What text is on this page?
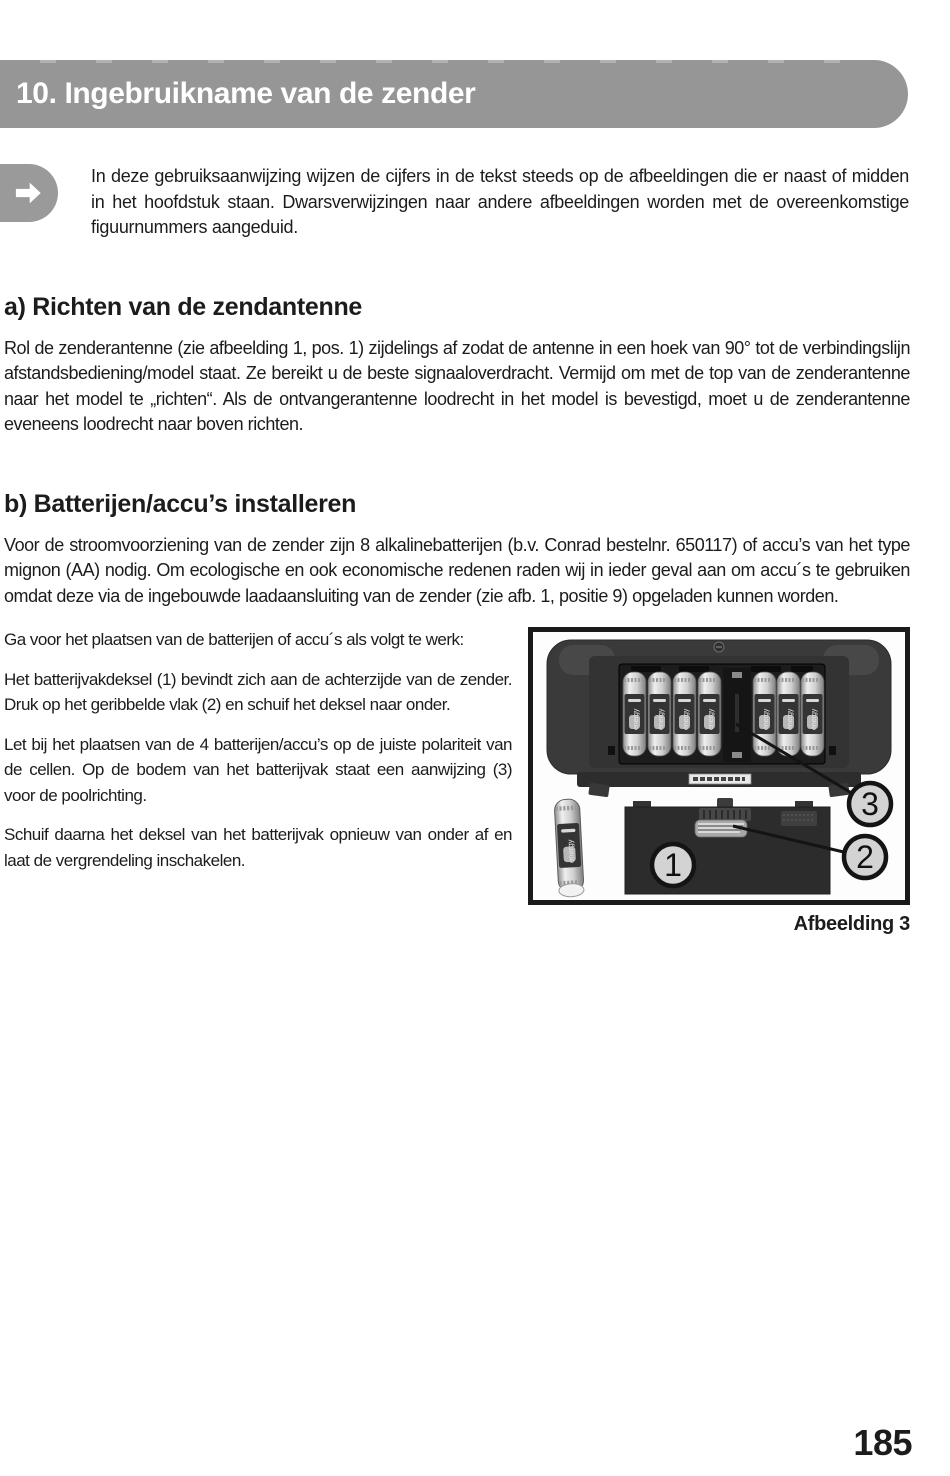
10. Ingebruikname van de zender

In deze gebruiksaanwijzing wijzen de cijfers in de tekst steeds op de afbeeldingen die er naast of midden in het hoofdstuk staan. Dwarsverwijzingen naar andere afbeeldingen worden met de overeenkomstige figuurnummers aangeduid.

a) Richten van de zendantenne

Rol de zenderantenne (zie afbeelding 1, pos. 1) zijdelings af zodat de antenne in een hoek van 90° tot de verbindingslijn afstandsbediening/model staat. Ze bereikt u de beste signaaloverdracht. Vermijd om met de top van de zenderantenne naar het model te „richten“. Als de ontvangerantenne loodrecht in het model is bevestigd, moet u de zenderantenne eveneens loodrecht naar boven richten.

b) Batterijen/accu’s installeren

Voor de stroomvoorziening van de zender zijn 8 alkalinebatterijen (b.v. Conrad bestelnr. 650117) of accu’s van het type mignon (AA) nodig. Om ecologische en ook economische redenen raden wij in ieder geval aan om accu´s te gebruiken omdat deze via de ingebouwde laadaansluiting van de zender (zie afb. 1, positie 9) opgeladen kunnen worden.

Ga voor het plaatsen van de batterijen of accu´s als volgt te werk:

Het batterijvakdeksel (1) bevindt zich aan de achterzijde van de zender. Druk op het geribbelde vlak (2) en schuif het deksel naar onder.

Let bij het plaatsen van de 4 batterijen/accu’s op de juiste polariteit van de cellen. Op de bodem van het batterijvak staat een aanwijzing (3) voor de poolrichting.

Schuif daarna het deksel van het batterijvak opnieuw van onder af en laat de vergrendeling inschakelen.	1	2
3
Afbeelding 3
185
